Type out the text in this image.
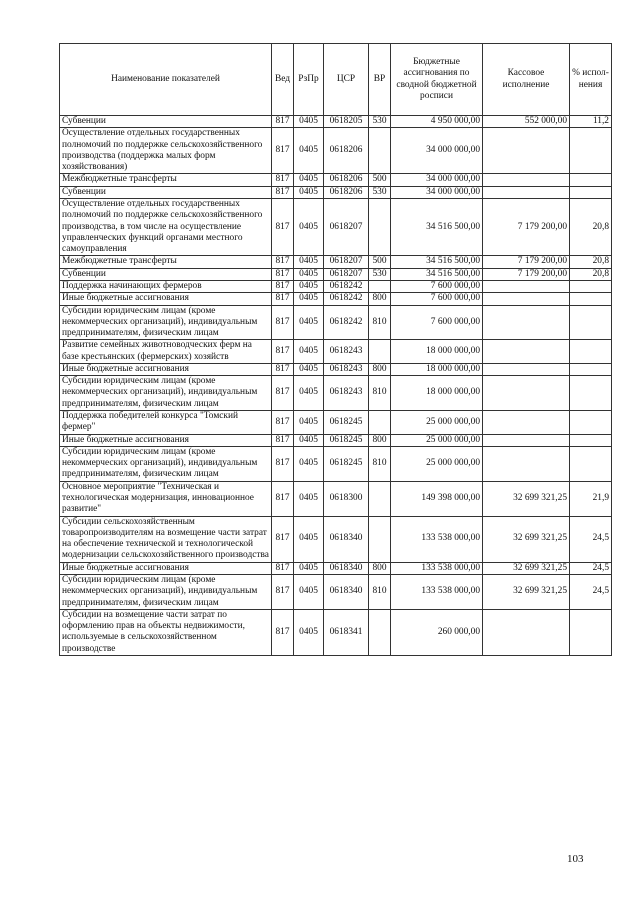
Наименование показателей	Вед	РзПр	ЦСР	ВР	Бюджетные ассигнования по сводной бюджетной росписи	Кассовое исполнение	% испол-нения
Субвенции	817	0405	0618205	530	4 950 000,00	552 000,00	11,2
Осуществление отдельных государственных полномочий по поддержке сельскохозяйственного производства (поддержка малых форм хозяйствования)	817	0405	0618206		34 000 000,00		
Межбюджетные трансферты	817	0405	0618206	500	34 000 000,00		
Субвенции	817	0405	0618206	530	34 000 000,00		
Осуществление отдельных государственных полномочий по поддержке сельскохозяйственного производства, в том числе на осуществление управленческих функций органами местного самоуправления	817	0405	0618207		34 516 500,00	7 179 200,00	20,8
Межбюджетные трансферты	817	0405	0618207	500	34 516 500,00	7 179 200,00	20,8
Субвенции	817	0405	0618207	530	34 516 500,00	7 179 200,00	20,8
Поддержка начинающих фермеров	817	0405	0618242		7 600 000,00		
Иные бюджетные ассигнования	817	0405	0618242	800	7 600 000,00		
Субсидии юридическим лицам (кроме некоммерческих организаций), индивидуальным предпринимателям, физическим лицам	817	0405	0618242	810	7 600 000,00		
Развитие семейных животноводческих ферм на базе крестьянских (фермерских) хозяйств	817	0405	0618243		18 000 000,00		
Иные бюджетные ассигнования	817	0405	0618243	800	18 000 000,00		
Субсидии юридическим лицам (кроме некоммерческих организаций), индивидуальным предпринимателям, физическим лицам	817	0405	0618243	810	18 000 000,00		
Поддержка победителей конкурса "Томский фермер"	817	0405	0618245		25 000 000,00		
Иные бюджетные ассигнования	817	0405	0618245	800	25 000 000,00		
Субсидии юридическим лицам (кроме некоммерческих организаций), индивидуальным предпринимателям, физическим лицам	817	0405	0618245	810	25 000 000,00		
Основное мероприятие "Техническая и технологическая модернизация, инновационное развитие"	817	0405	0618300		149 398 000,00	32 699 321,25	21,9
Субсидии сельскохозяйственным товаропроизводителям на возмещение части затрат на обеспечение технической и технологической модернизации сельскохозяйственного производства	817	0405	0618340		133 538 000,00	32 699 321,25	24,5
Иные бюджетные ассигнования	817	0405	0618340	800	133 538 000,00	32 699 321,25	24,5
Субсидии юридическим лицам (кроме некоммерческих организаций), индивидуальным предпринимателям, физическим лицам	817	0405	0618340	810	133 538 000,00	32 699 321,25	24,5
Субсидии на возмещение части затрат по оформлению прав на объекты недвижимости, используемые в сельскохозяйственном производстве	817	0405	0618341		260 000,00		
103
